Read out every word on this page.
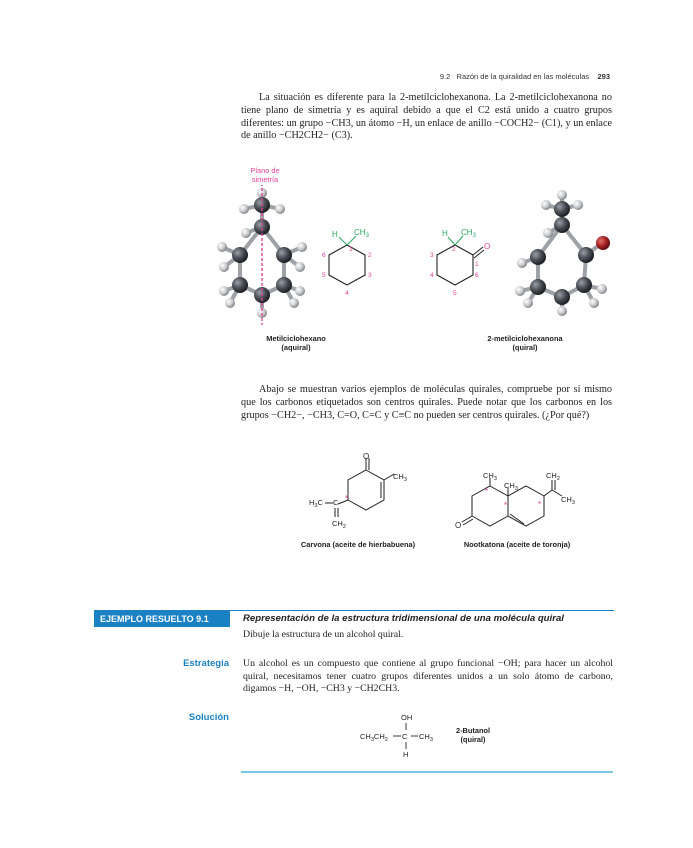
9.2 Razón de la quiralidad en las moléculas 293

La situación es diferente para la 2-metilciclohexanona. La 2-metilciclohexanona no tiene plano de simetría y es aquiral debido a que el C2 está unido a cuatro grupos diferentes: un grupo −CH3, un átomo −H, un enlace de anillo −COCH2− (C1), y un enlace de anillo −CH2CH2− (C3).

Plano de simetría
H $CH_3$
1
2
3
4
5
6
H $CH_3$
O
2
1
6
5
4
3
Metilciclohexano
(aquiral)
2-metilciclohexanona
(quiral)

Abajo se muestran varios ejemplos de moléculas quirales, compruebe por sí mismo que los carbonos etiquetados son centros quirales. Puede notar que los carbonos en los grupos −CH2−, −CH3, C=O, C=C y C≡C no pueden ser centros quirales. (¿Por qué?)

O
$CH_3$
$H_3C$ C
$CH_2$
*
O
$CH_3$
$CH_3$
$CH_2$
$CH_3$
*
*	*
Carvona (aceite de hierbabuena)	Nootkatona (aceite de toronja)
EJEMPLO RESUELTO 9.1	Representación de la estructura tridimensional de una molécula quiral
Dibuje la estructura de un alcohol quiral.
Estrategia Un alcohol es un compuesto que contiene al grupo funcional −OH; para hacer un alcohol quiral, necesitamos tener cuatro grupos diferentes unidos a un solo átomo de carbono, digamos −H, −OH, −CH3 y −CH2CH3.
Solución	OH
$CH_3CH_2$ C $CH_3$
H
2-Butanol
(quiral)
